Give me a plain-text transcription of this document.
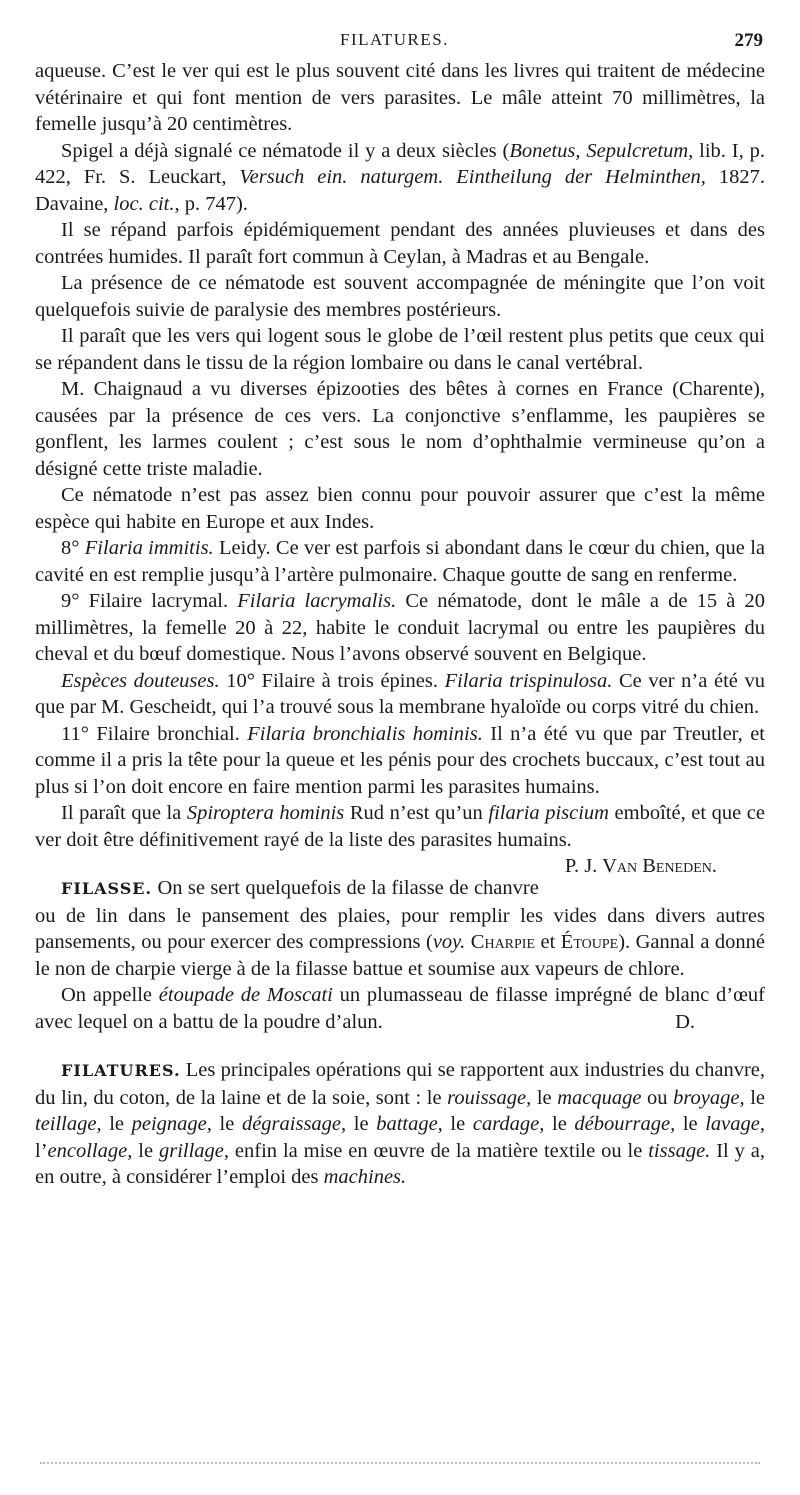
FILATURES.	279

aqueuse. C’est le ver qui est le plus souvent cité dans les livres qui traitent de médecine vétérinaire et qui font mention de vers parasites. Le mâle atteint 70 millimètres, la femelle jusqu’à 20 centimètres.

Spigel a déjà signalé ce nématode il y a deux siècles (Bonetus, Sepulcretum, lib. I, p. 422, Fr. S. Leuckart, Versuch ein. naturgem. Eintheilung der Helminthen, 1827. Davaine, loc. cit., p. 747).

Il se répand parfois épidémiquement pendant des années pluvieuses et dans des contrées humides. Il paraît fort commun à Ceylan, à Madras et au Bengale.

La présence de ce nématode est souvent accompagnée de méningite que l’on voit quelquefois suivie de paralysie des membres postérieurs.

Il paraît que les vers qui logent sous le globe de l’œil restent plus petits que ceux qui se répandent dans le tissu de la région lombaire ou dans le canal vertébral.

M. Chaignaud a vu diverses épizooties des bêtes à cornes en France (Charente), causées par la présence de ces vers. La conjonctive s’enflamme, les paupières se gonflent, les larmes coulent ; c’est sous le nom d’ophthalmie vermineuse qu’on a désigné cette triste maladie.

Ce nématode n’est pas assez bien connu pour pouvoir assurer que c’est la même espèce qui habite en Europe et aux Indes.

8° Filaria immitis. Leidy. Ce ver est parfois si abondant dans le cœur du chien, que la cavité en est remplie jusqu’à l’artère pulmonaire. Chaque goutte de sang en renferme.

9° Filaire lacrymal. Filaria lacrymalis. Ce nématode, dont le mâle a de 15 à 20 millimètres, la femelle 20 à 22, habite le conduit lacrymal ou entre les paupières du cheval et du bœuf domestique. Nous l’avons observé souvent en Belgique.

Espèces douteuses. 10° Filaire à trois épines. Filaria trispinulosa. Ce ver n’a été vu que par M. Gescheidt, qui l’a trouvé sous la membrane hyaloïde ou corps vitré du chien.

11° Filaire bronchial. Filaria bronchialis hominis. Il n’a été vu que par Treutler, et comme il a pris la tête pour la queue et les pénis pour des crochets buccaux, c’est tout au plus si l’on doit encore en faire mention parmi les parasites humains.

Il paraît que la Spiroptera hominis Rud n’est qu’un filaria piscium emboîté, et que ce ver doit être définitivement rayé de la liste des parasites humains.
P. J. Van Beneden.

FILASSE. On se sert quelquefois de la filasse de chanvre ou de lin dans le pansement des plaies, pour remplir les vides dans divers autres pansements, ou pour exercer des compressions (voy. Charpie et Étoupe). Gannal a donné le non de charpie vierge à de la filasse battue et soumise aux vapeurs de chlore.

On appelle étoupade de Moscati un plumasseau de filasse imprégné de blanc d’œuf avec lequel on a battu de la poudre d’alun.	D.

FILATURES. Les principales opérations qui se rapportent aux industries du chanvre, du lin, du coton, de la laine et de la soie, sont : le rouissage, le macquage ou broyage, le teillage, le peignage, le dégraissage, le battage, le cardage, le débourrage, le lavage, l’encollage, le grillage, enfin la mise en œuvre de la matière textile ou le tissage. Il y a, en outre, à considérer l’emploi des machines.
